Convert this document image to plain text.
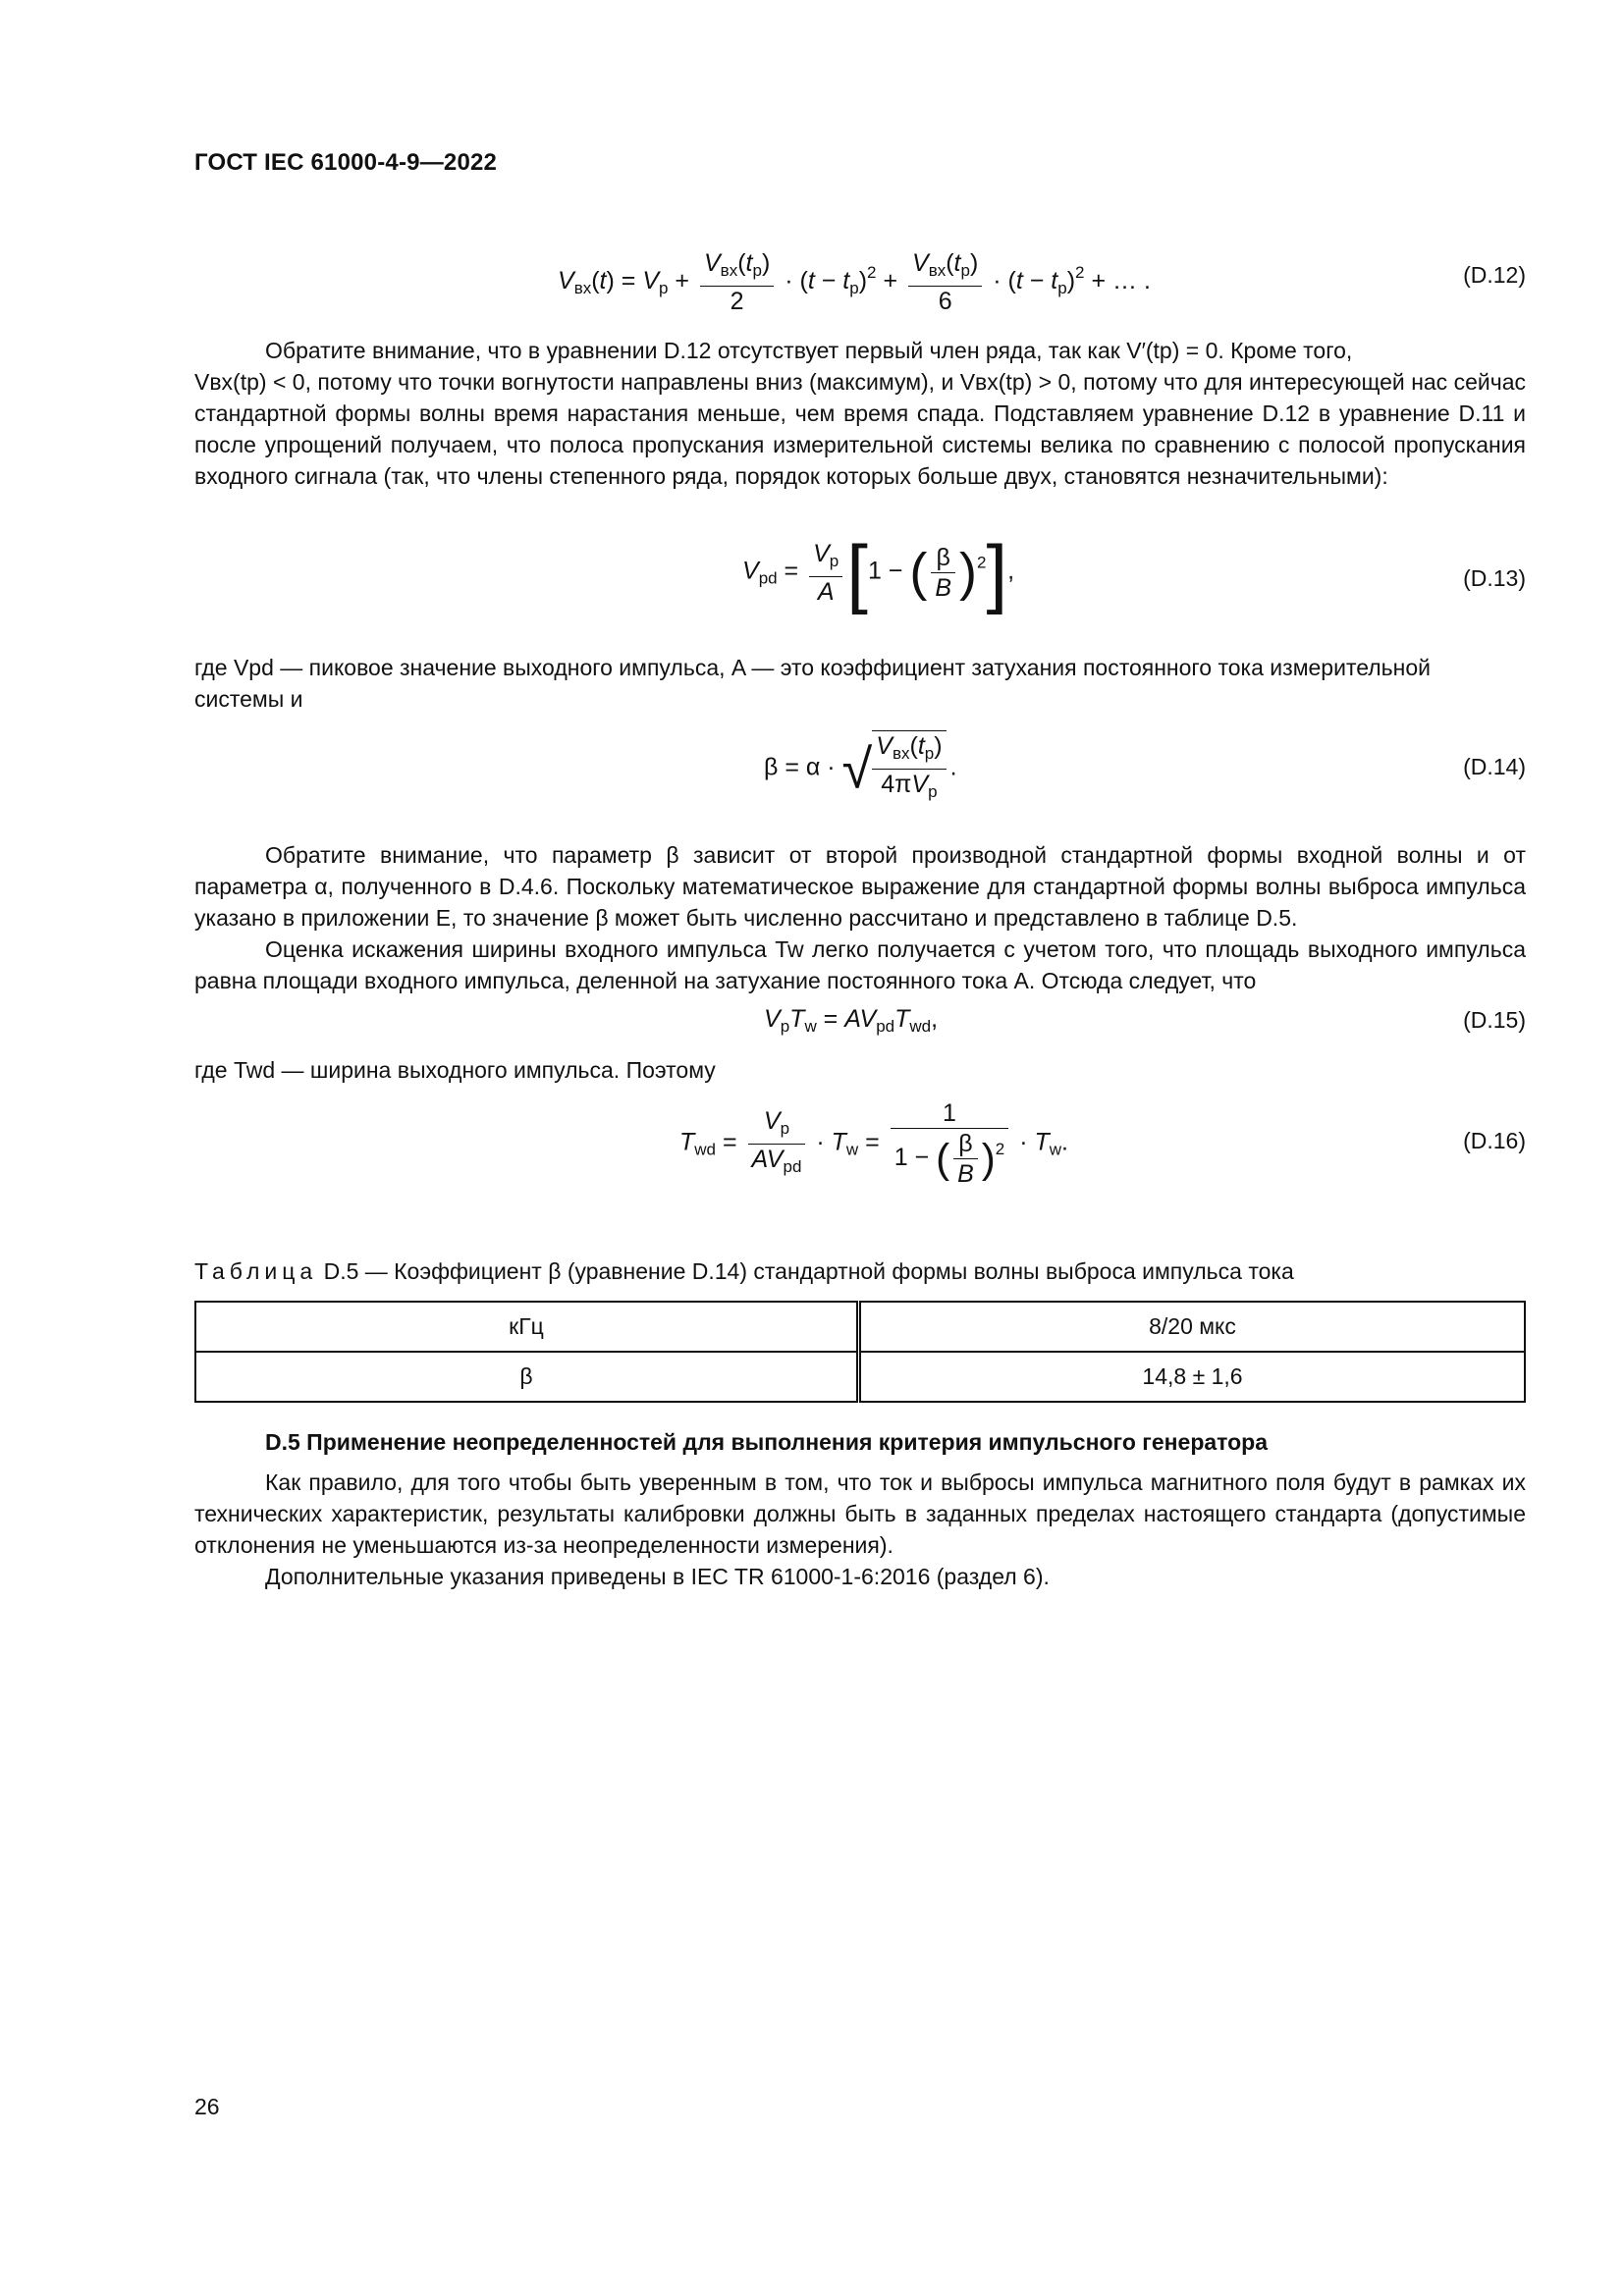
ГОСТ IEC 61000-4-9—2022
$V_{вх}(t) = V_p + \frac{V_{вх}(t_p)}{2} \cdot (t - t_p)^2 + \frac{V_{вх}(t_p)}{6} \cdot (t - t_p)^2$ + … .	(D.12)
Обратите внимание, что в уравнении D.12 отсутствует первый член ряда, так как V′(tp) = 0. Кроме того,
Vвх(tp) < 0, потому что точки вогнутости направлены вниз (максимум), и Vвх(tp) > 0, потому что для интересующей нас сейчас стандартной формы волны время нарастания меньше, чем время спада. Подставляем уравнение D.12 в уравнение D.11 и после упрощений получаем, что полоса пропускания измерительной системы велика по сравнению с полосой пропускания входного сигнала (так, что члены степенного ряда, порядок которых больше двух, становятся незначительными):
$V_{pd} = \frac{V_p}{A} [1$ − ( $\frac{\beta}{B} )^2$],	(D.13)
где Vpd — пиковое значение выходного импульса, A — это коэффициент затухания постоянного тока измерительной системы и
β = α · √ $\frac{V_{вх}(t_p)}{4\pi V_p}$ .	(D.14)
Обратите внимание, что параметр β зависит от второй производной стандартной формы входной волны и от параметра α, полученного в D.4.6. Поскольку математическое выражение для стандартной формы волны выброса импульса указано в приложении E, то значение β может быть численно рассчитано и представлено в таблице D.5.
Оценка искажения ширины входного импульса Tw легко получается с учетом того, что площадь выходного импульса равна площади входного импульса, деленной на затухание постоянного тока A. Отсюда следует, что
$V_pT_w = AV_{pd}T_{wd}$,	(D.15)
где Twd — ширина выходного импульса. Поэтому
$T_{wd} = \frac{V_p}{AV_{pd}} \cdot T_w = \frac{1}{1 - ( \frac{\beta}{B} )^2} \cdot T_w$.	(D.16)
Таблица D.5 — Коэффициент β (уравнение D.14) стандартной формы волны выброса импульса тока
кГц	8/20 мкс
β	14,8 ± 1,6
D.5 Применение неопределенностей для выполнения критерия импульсного генератора
Как правило, для того чтобы быть уверенным в том, что ток и выбросы импульса магнитного поля будут в рамках их технических характеристик, результаты калибровки должны быть в заданных пределах настоящего стандарта (допустимые отклонения не уменьшаются из-за неопределенности измерения).
Дополнительные указания приведены в IEC TR 61000-1-6:2016 (раздел 6).
26
